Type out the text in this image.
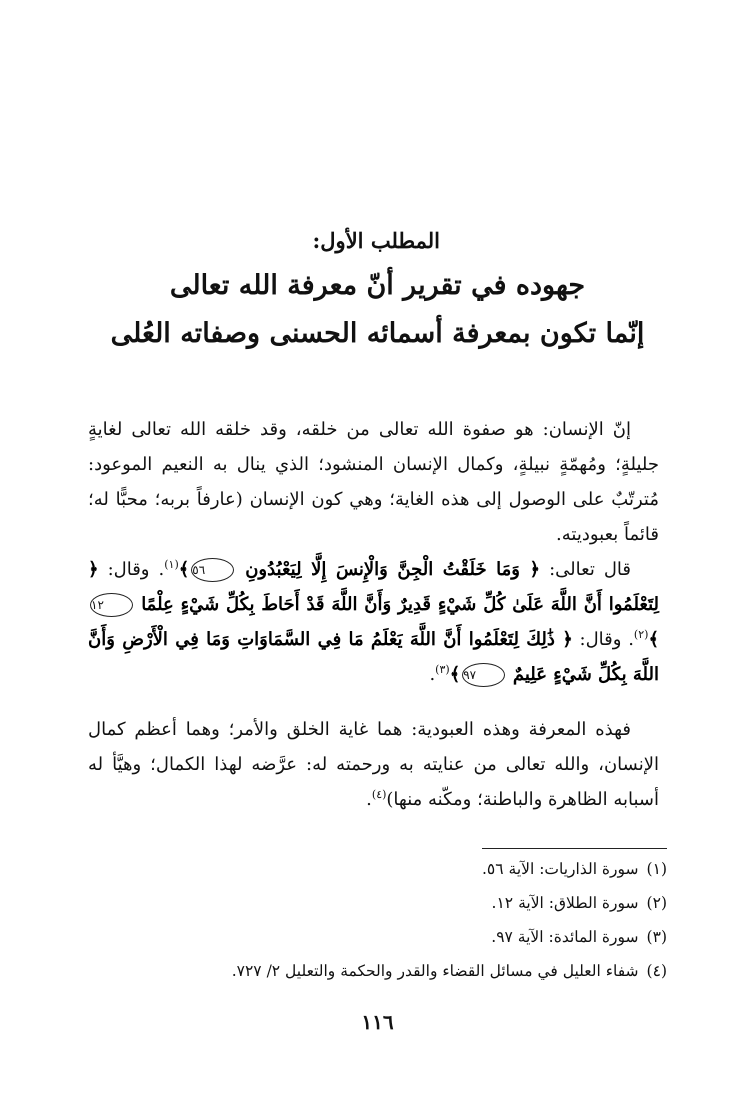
المطلب الأول:
جهوده في تقرير أنّ معرفة الله تعالى
إنّما تكون بمعرفة أسمائه الحسنى وصفاته العُلى

إنّ الإنسان: هو صفوة الله تعالى من خلقه، وقد خلقه الله تعالى لغايةٍ جليلةٍ؛ ومُهمّةٍ نبيلةٍ، وكمال الإنسان المنشود؛ الذي ينال به النعيم الموعود: مُترتّبٌ على الوصول إلى هذه الغاية؛ وهي كون الإنسان (عارفاً بربه؛ محبًّا له؛ قائماً بعبوديته.

قال تعالى: ﴿ وَمَا خَلَقْتُ الْجِنَّ وَالْإِنسَ إِلَّا لِيَعْبُدُونِ ٥٦﴾$^{(١)}$. وقال: ﴿ لِتَعْلَمُوا أَنَّ اللَّهَ عَلَىٰ كُلِّ شَيْءٍ قَدِيرٌ وَأَنَّ اللَّهَ قَدْ أَحَاطَ بِكُلِّ شَيْءٍ عِلْمًا ١٢﴾$^{(٢)}$. وقال: ﴿ ذَٰلِكَ لِتَعْلَمُوا أَنَّ اللَّهَ يَعْلَمُ مَا فِي السَّمَاوَاتِ وَمَا فِي الْأَرْضِ وَأَنَّ اللَّهَ بِكُلِّ شَيْءٍ عَلِيمٌ ٩٧﴾$^{(٣)}$.

فهذه المعرفة وهذه العبودية: هما غاية الخلق والأمر؛ وهما أعظم كمال الإنسان، والله تعالى من عنايته به ورحمته له: عرَّضه لهذا الكمال؛ وهيَّأ له أسبابه الظاهرة والباطنة؛ ومكّنه منها)$^{(٤)}$.

(١)سورة الذاريات: الآية ٥٦.
(٢)سورة الطلاق: الآية ١٢.
(٣)سورة المائدة: الآية ٩٧.
(٤)شفاء العليل في مسائل القضاء والقدر والحكمة والتعليل ٢/ ٧٢٧.
١١٦
